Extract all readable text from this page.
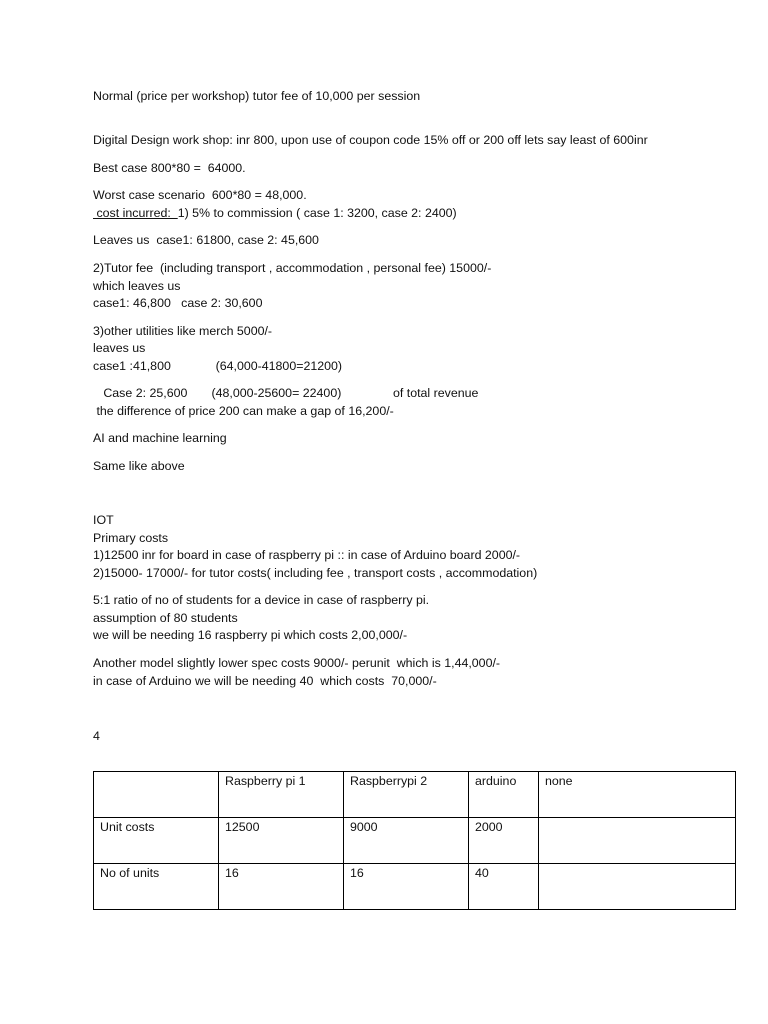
Normal (price per workshop) tutor fee of 10,000 per session
Digital Design work shop: inr 800, upon use of coupon code 15% off or 200 off lets say least of 600inr
Best case 800*80 =  64000.
Worst case scenario  600*80 = 48,000.
cost incurred:  1) 5% to commission ( case 1: 3200, case 2: 2400)
Leaves us  case1: 61800, case 2: 45,600
2)Tutor fee  (including transport , accommodation , personal fee) 15000/-
which leaves us
case1: 46,800   case 2: 30,600
3)other utilities like merch 5000/-
leaves us
case1 :41,800             (64,000-41800=21200)
Case 2: 25,600       (48,000-25600= 22400)               of total revenue
the difference of price 200 can make a gap of 16,200/-
AI and machine learning
Same like above
IOT
Primary costs
1)12500 inr for board in case of raspberry pi :: in case of Arduino board 2000/-
2)15000- 17000/- for tutor costs( including fee , transport costs , accommodation)
5:1 ratio of no of students for a device in case of raspberry pi.
assumption of 80 students
we will be needing 16 raspberry pi which costs 2,00,000/-
Another model slightly lower spec costs 9000/- perunit  which is 1,44,000/-
in case of Arduino we will be needing 40  which costs  70,000/-
4
	Raspberry pi 1	Raspberrypi 2	arduino	none
Unit costs	12500	9000	2000	
No of units	16	16	40	
